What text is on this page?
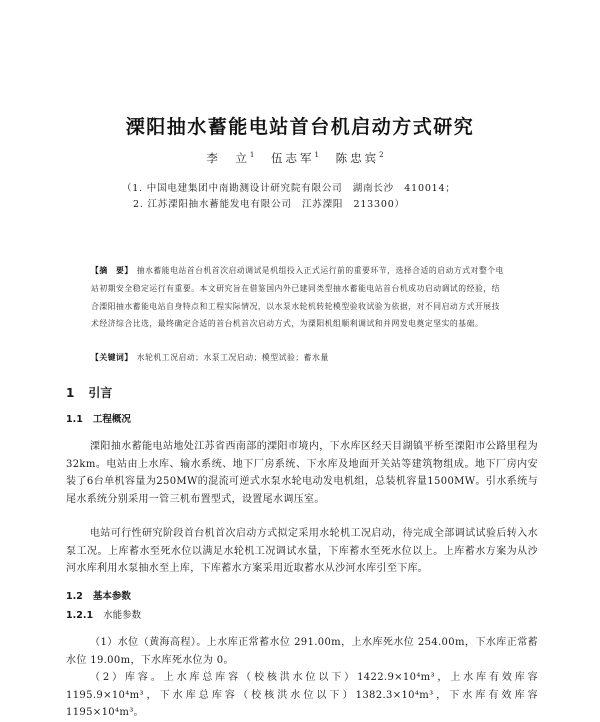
溧阳抽水蓄能电站首台机启动方式研究
李　立$^1$ 伍志军$^1$ 陈忠宾$^2$
（1. 中国电建集团中南勘测设计研究院有限公司　湖南长沙　410014；
2. 江苏溧阳抽水蓄能发电有限公司　江苏溧阳　213300）
【摘　要】 抽水蓄能电站首台机首次启动调试是机组投入正式运行前的重要环节，选择合适的启动方式对整个电站初期安全稳定运行有重要。本文研究旨在借鉴国内外已建同类型抽水蓄能电站首台机成功启动调试的经验，结合溧阳抽水蓄能电站自身特点和工程实际情况，以水泵水轮机转轮模型验收试验为依据，对不同启动方式开展技术经济综合比选，最终确定合适的首台机首次启动方式，为溧阳机组顺利调试和并网发电奠定坚实的基础。
【关键词】 水轮机工况启动；水泵工况启动；模型试验；蓄水量
1 引言
1.1 工程概况

溧阳抽水蓄能电站地处江苏省西南部的溧阳市境内，下水库区经天目湖镇平桥至溧阳市公路里程为32km。电站由上水库、输水系统、地下厂房系统、下水库及地面开关站等建筑物组成。地下厂房内安装了6台单机容量为250MW的混流可逆式水泵水轮电动发电机组，总装机容量1500MW。引水系统与尾水系统分别采用一管三机布置型式，设置尾水调压室。

电站可行性研究阶段首台机首次启动方式拟定采用水轮机工况启动，待完成全部调试试验后转入水泵工况。上库蓄水至死水位以满足水轮机工况调试水量，下库蓄水至死水位以上。上库蓄水方案为从沙河水库利用水泵抽水至上库，下库蓄水方案采用近取蓄水从沙河水库引至下库。

1.2 基本参数
1.2.1 水能参数

（1）水位（黄海高程）。上水库正常蓄水位 291.00m，上水库死水位 254.00m，下水库正常蓄水位 19.00m，下水库死水位为 0。

（2）库容。上水库总库容（校核洪水位以下）1422.9×10⁴m³，上水库有效库容 1195.9×10⁴m³，下水库总库容（校核洪水位以下）1382.3×10⁴m³，下水库有效库容 1195×10⁴m³。
